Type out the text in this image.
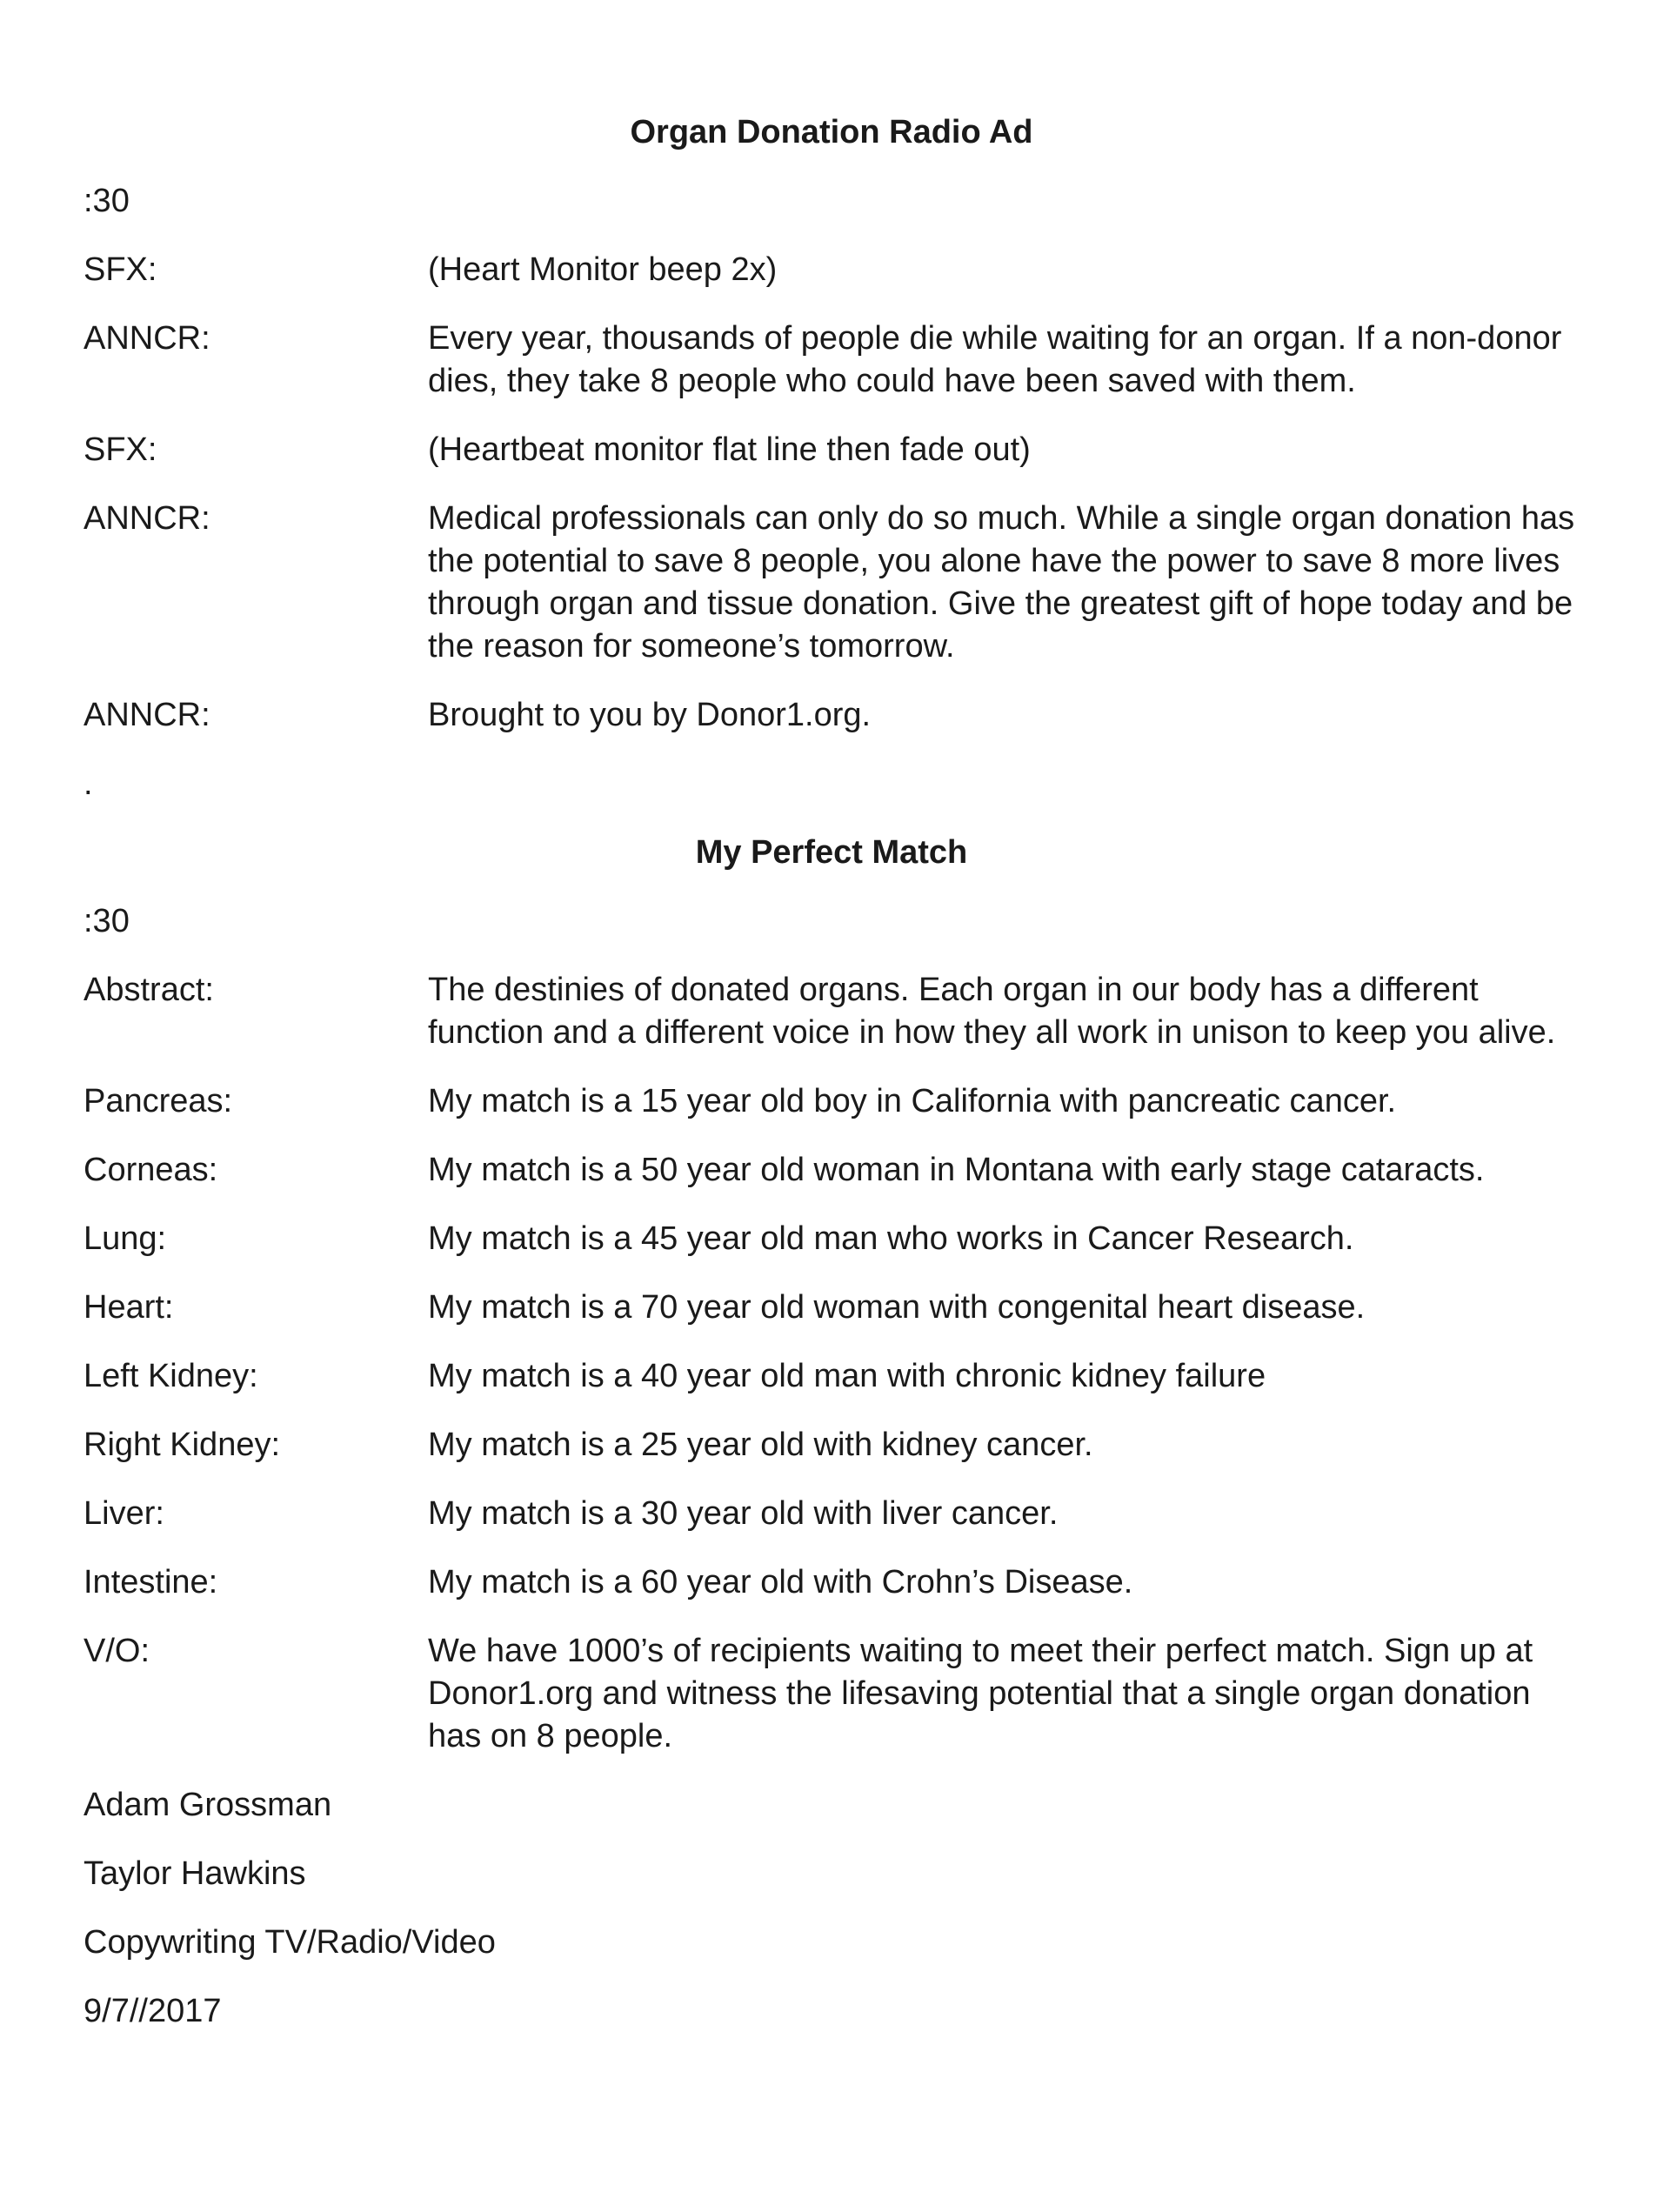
Organ Donation Radio Ad
:30
SFX:	(Heart Monitor beep 2x)
ANNCR:	Every year, thousands of people die while waiting for an organ. If a non-donor dies, they take 8 people who could have been saved with them.
SFX:	(Heartbeat monitor flat line then fade out)
ANNCR:	Medical professionals can only do so much. While a single organ donation has the potential to save 8 people, you alone have the power to save 8 more lives through organ and tissue donation. Give the greatest gift of hope today and be the reason for someone’s tomorrow.
ANNCR:	Brought to you by Donor1.org.
.
My Perfect Match
:30
Abstract:	The destinies of donated organs. Each organ in our body has a different function and a different voice in how they all work in unison to keep you alive.
Pancreas:	My match is a 15 year old boy in California with pancreatic cancer.
Corneas:	My match is a 50 year old woman in Montana with early stage cataracts.
Lung:	My match is a 45 year old man who works in Cancer Research.
Heart:	My match is a 70 year old woman with congenital heart disease.
Left Kidney:	My match is a 40 year old man with chronic kidney failure
Right Kidney:	My match is a 25 year old with kidney cancer.
Liver:	My match is a 30 year old with liver cancer.
Intestine:	My match is a 60 year old with Crohn’s Disease.
V/O:	We have 1000’s of recipients waiting to meet their perfect match. Sign up at Donor1.org and witness the lifesaving potential that a single organ donation has on 8 people.
Adam Grossman
Taylor Hawkins
Copywriting TV/Radio/Video
9/7//2017
